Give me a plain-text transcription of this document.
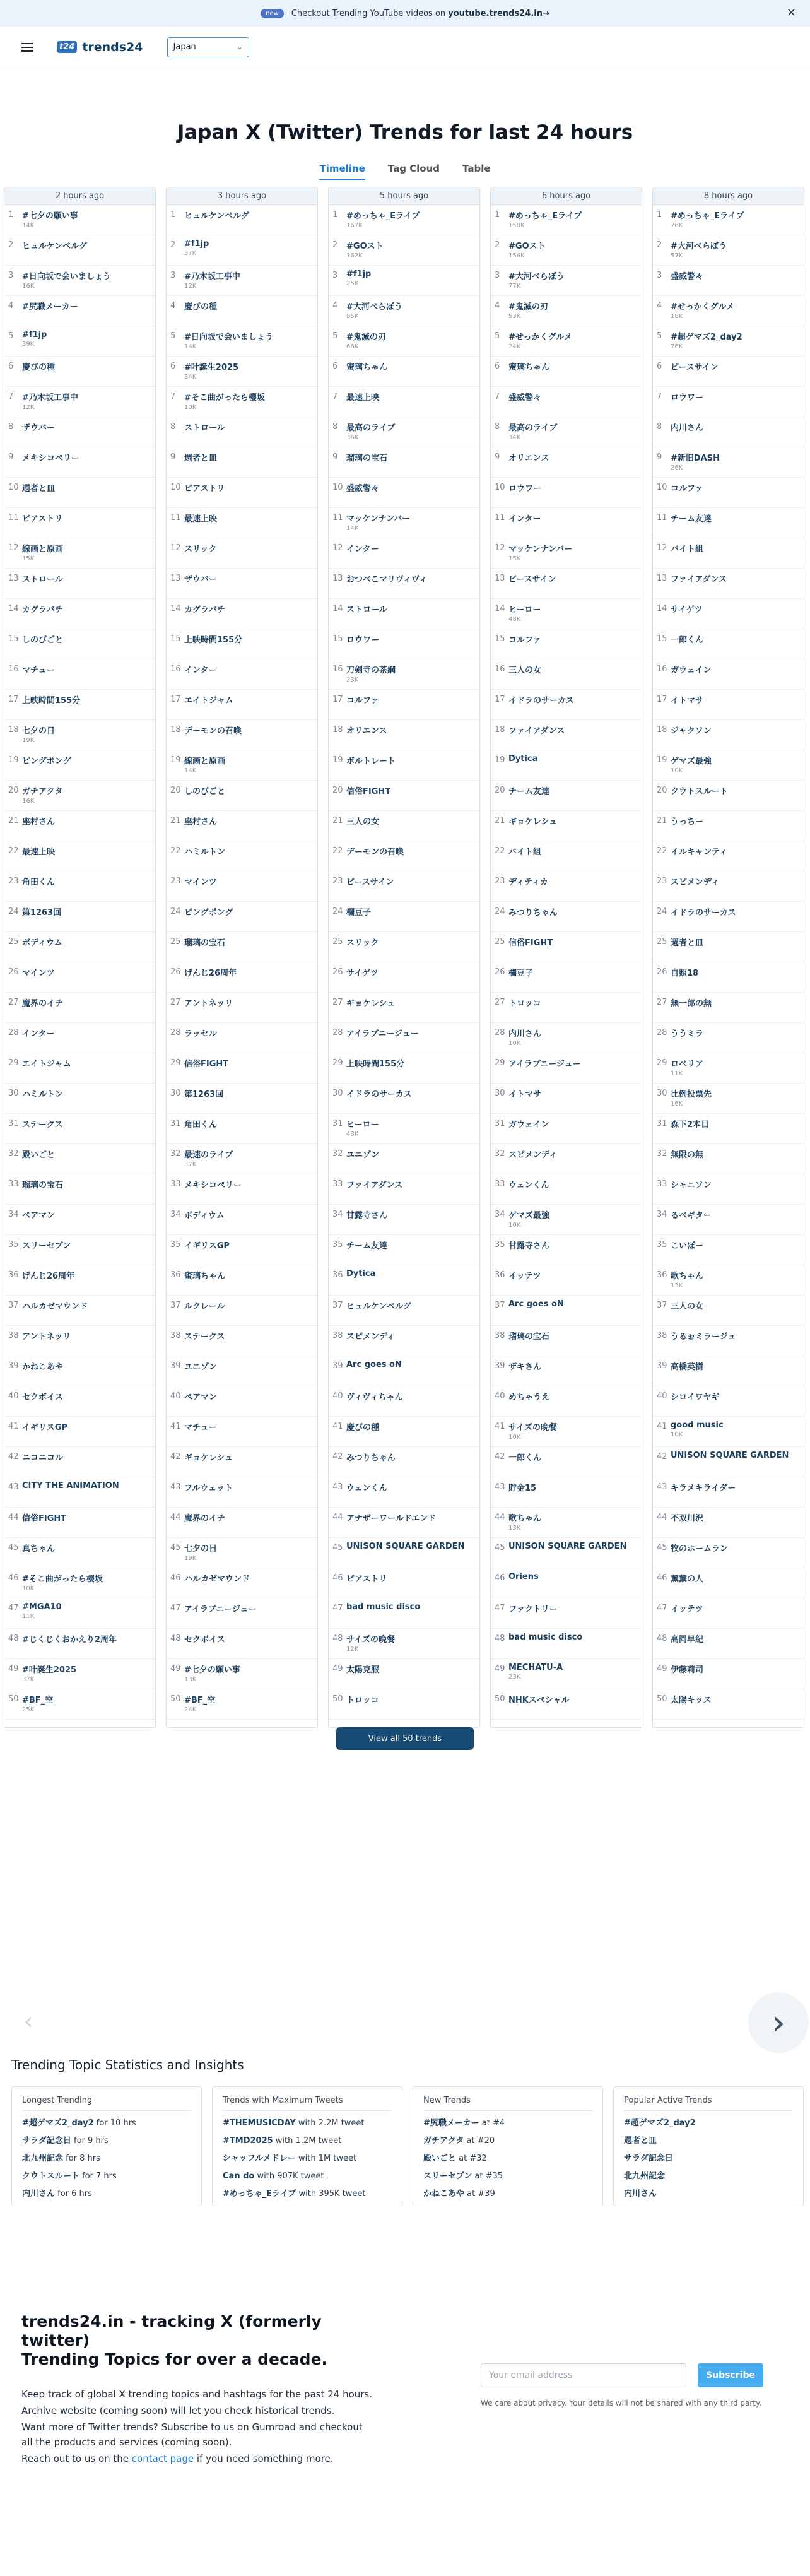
new	Checkout Trending YouTube videos on
youtube.trends24.in→	✕
t24 trends24	Japan	⌄
Japan X (Twitter) Trends for last 24 hours
Timeline Tag Cloud Table
2 hours ago
1	#七夕の願い事
14K
2	ヒュルケンベルグ
3	#日向坂で会いましょう
16K
4	#尻職メーカー
5	#f1jp
39K
6	慶びの種
7	#乃木坂工事中
12K
8	ザウバー
9	メキシコペリー
10 週者と皿
11 ビアストリ
12 線画と原画
15K
13 ストロール
14 カグラバチ
15 しのびごと
16 マチュー
17 上映時間155分
18 七夕の日
19K
19 ピングポング
20 ガチアクタ
16K
21 座村さん
22 最速上映
23 角田くん
24 第1263回
25 ボディウム
26 マインツ
27 魔界のイチ
28 インター
29 エイトジャム
30 ハミルトン
31 ステークス
32 殿いごと
33 瑠璃の宝石
34 ペアマン
35 スリーセブン
36 げんじ26周年
37 ハルカゼマウンド
38 アントネッリ
39 かねこあや
40 セクボイス
41 イギリスGP
42 ニコニコル
43 CITY THE ANIMATION
44 信俗FIGHT
45 真ちゃん
46 #そこ曲がったら櫻坂
10K
47 #MGA10
11K
48 #じくじくおかえり2周年
49 #叶誕生2025
37K
50 #BF_空
25K
3 hours ago
1	ヒュルケンベルグ
2	#f1jp
37K
3	#乃木坂工事中
12K
4	慶びの種
5	#日向坂で会いましょう
14K
6	#叶誕生2025
34K
7	#そこ曲がったら櫻坂
10K
8	ストロール
9	週者と皿
10 ビアストリ
11 最速上映
12 スリック
13 ザウバー
14 カグラバチ
15 上映時間155分
16 インター
17 エイトジャム
18 デーモンの召喚
19 線画と原画
14K
20 しのびごと
21 座村さん
22 ハミルトン
23 マインツ
24 ピングポング
25 瑠璃の宝石
26 げんじ26周年
27 アントネッリ
28 ラッセル
29 信俗FIGHT
30 第1263回
31 角田くん
32 最速のライブ
37K
33 メキシコペリー
34 ボディウム
35 イギリスGP
36 蜜璃ちゃん
37 ルクレール
38 ステークス
39 ユニゾン
40 ペアマン
41 マチュー
42 ギョケレシュ
43 フルウェット
44 魔界のイチ
45 七夕の日
19K
46 ハルカゼマウンド
47 アイラブニージュー
48 セクボイス
49 #七夕の願い事
13K
50 #BF_空
24K
5 hours ago
1	#めっちゃ_Eライブ
167K
2	#GOスト
162K
3	#f1jp
25K
4	#大河べらぼう
85K
5	#鬼滅の刃
66K
6	蜜璃ちゃん
7	最速上映
8	最高のライブ
36K
9	瑠璃の宝石
10 盛威警々
11 マッケンナンバー
14K
12 インター
13 おつべこマリヴィヴィ
14 ストロール
15 ロウワー
16 刀剣寺の茶綱
23K
17 コルファ
18 オリエンス
19 ボルトレート
20 信俗FIGHT
21 三人の女
22 デーモンの召喚
23 ピースサイン
24 欄豆子
25 スリック
26 サイゲツ
27 ギョケレシュ
28 アイラブニージュー
29 上映時間155分
30 イドラのサーカス
31 ヒーロー
48K
32 ユニゾン
33 ファイアダンス
34 甘露寺さん
35 チーム友達
36 Dytica
37 ヒュルケンベルグ
38 スピメンディ
39 Arc goes oN
40 ヴィヴィちゃん
41 慶びの種
42 みつりちゃん
43 ウェンくん
44 アナザーワールドエンド
45 UNISON SQUARE GARDEN
46 ピアストリ
47 bad music disco
48 サイズの晩餐
12K
49 太陽克服
50 トロッコ
6 hours ago
1	#めっちゃ_Eライブ
150K
2	#GOスト
156K
3	#大河べらぼう
77K
4	#鬼滅の刃
53K
5	#せっかくグルメ
24K
6	蜜璃ちゃん
7	盛威警々
8	最高のライブ
34K
9	オリエンス
10 ロウワー
11 インター
12 マッケンナンバー
15K
13 ピースサイン
14 ヒーロー
48K
15 コルファ
16 三人の女
17 イドラのサーカス
18 ファイアダンス
19 Dytica
20 チーム友達
21 ギョケレシュ
22 バイト組
23 ディティカ
24 みつりちゃん
25 信俗FIGHT
26 欄豆子
27 トロッコ
28 内川さん
10K
29 アイラブニージュー
30 イトマサ
31 ガウェイン
32 スピメンディ
33 ウェンくん
34 ゲマズ最強
10K
35 甘露寺さん
36 イッテツ
37 Arc goes oN
38 瑠璃の宝石
39 ザキさん
40 めちゃうえ
41 サイズの晩餐
10K
42 一郎くん
43 貯金15
44 歌ちゃん
13K
45 UNISON SQUARE GARDEN
46 Oriens
47 ファクトリー
48 bad music disco
49 MECHATU-A
23K
50 NHKスペシャル
8 hours ago
1	#めっちゃ_Eライブ
78K
2	#大河べらぼう
57K
3	盛威警々
4	#せっかくグルメ
18K
5	#超ゲマズ2_day2
76K
6	ピースサイン
7	ロウワー
8	内川さん
9	#新旧DASH
26K
10 コルファ
11 チーム友達
12 バイト組
13 ファイアダンス
14 サイゲツ
15 一郎くん
16 ガウェイン
17 イトマサ
18 ジャクソン
19 ゲマズ最強
10K
20 クウトスルート
21 うっちー
22 イルキャンティ
23 スピメンディ
24 イドラのサーカス
25 週者と皿
26 自照18
27 無一郎の無
28 ううミラ
29 ロベリア
11K
30 比例投票先
16K
31 森下2本目
32 無限の無
33 シャニソン
34 るべギター
35 こいぼー
36 歌ちゃん
13K
37 三人の女
38 うるぉミラージュ
39 高橋英樹
40 シロイワヤギ
41 good music
10K
42 UNISON SQUARE GARDEN
43 キラメキライダー
44 不双川沢
45 牧のホームラン
46 薫薫の人
47 イッテツ
48 高岡早紀
49 伊藤莉司
50 太陽キッス
View all 50 trends
‹	›
Trending Topic Statistics and Insights
Longest Trending
#超ゲマズ2_day2 for 10 hrs
サラダ記念日 for 9 hrs
北九州記念 for 8 hrs
クウトスルート for 7 hrs
内川さん for 6 hrs
Trends with Maximum Tweets
#THEMUSICDAY with 2.2M tweet
#TMD2025 with 1.2M tweet
シャッフルメドレー with 1M tweet
Can do with 907K tweet
#めっちゃ_Eライブ with 395K tweet
New Trends
#尻職メーカー at #4
ガチアクタ at #20
殿いごと at #32
スリーセブン at #35
かねこあや at #39
Popular Active Trends
#超ゲマズ2_day2
週者と皿
サラダ記念日
北九州記念
内川さん
trends24.in - tracking X (formerly twitter)
Trending Topics for over a decade.

Keep track of global X trending topics and hashtags for the past 24 hours.

Archive website (coming soon) will let you check historical trends.

Want more of Twitter trends? Subscribe to us on Gumroad and checkout all the products and services (coming soon).

Reach out to us on the contact page if you need something more.

Your email address
Subscribe
We care about privacy. Your details will not be shared with any third party.
